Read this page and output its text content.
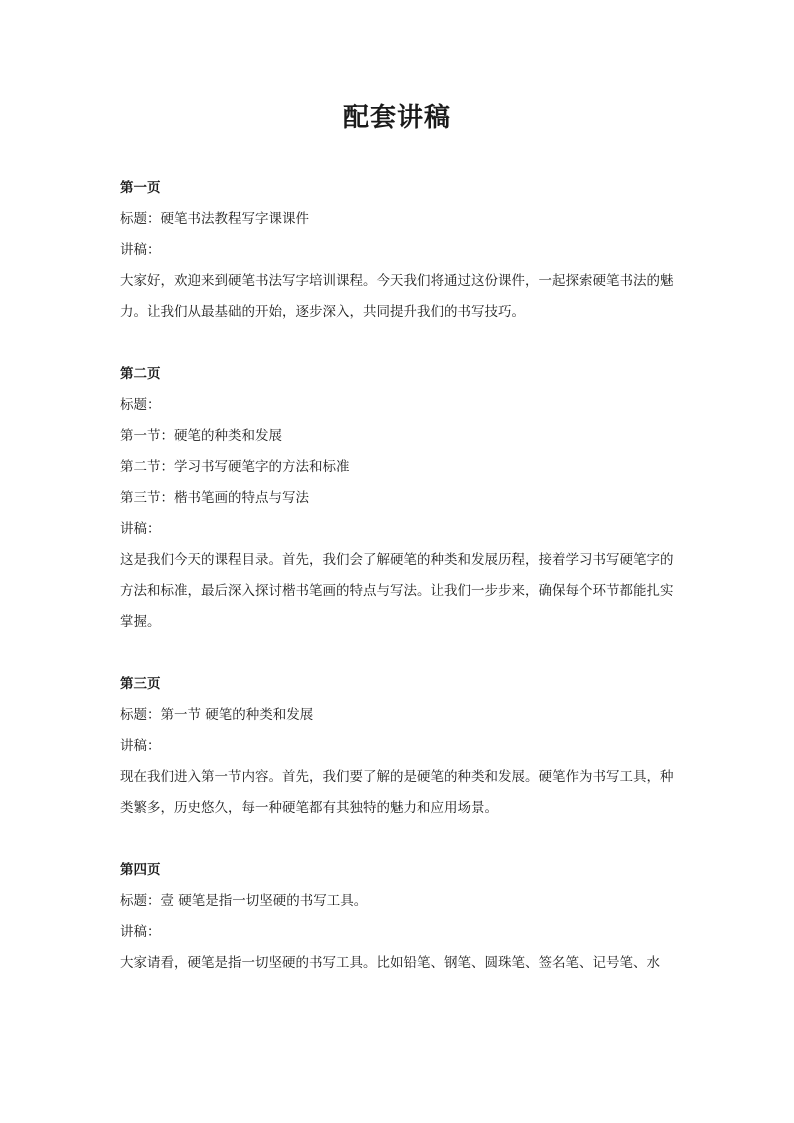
配套讲稿

第一页

标题：硬笔书法教程写字课课件

讲稿：

大家好，欢迎来到硬笔书法写字培训课程。今天我们将通过这份课件，一起探索硬笔书法的魅力。让我们从最基础的开始，逐步深入，共同提升我们的书写技巧。

第二页

标题：

第一节：硬笔的种类和发展

第二节：学习书写硬笔字的方法和标准

第三节：楷书笔画的特点与写法

讲稿：

这是我们今天的课程目录。首先，我们会了解硬笔的种类和发展历程，接着学习书写硬笔字的方法和标准，最后深入探讨楷书笔画的特点与写法。让我们一步步来，确保每个环节都能扎实掌握。

第三页

标题：第一节 硬笔的种类和发展

讲稿：

现在我们进入第一节内容。首先，我们要了解的是硬笔的种类和发展。硬笔作为书写工具，种类繁多，历史悠久，每一种硬笔都有其独特的魅力和应用场景。

第四页

标题：壹 硬笔是指一切坚硬的书写工具。

讲稿：

大家请看，硬笔是指一切坚硬的书写工具。比如铅笔、钢笔、圆珠笔、签名笔、记号笔、水
